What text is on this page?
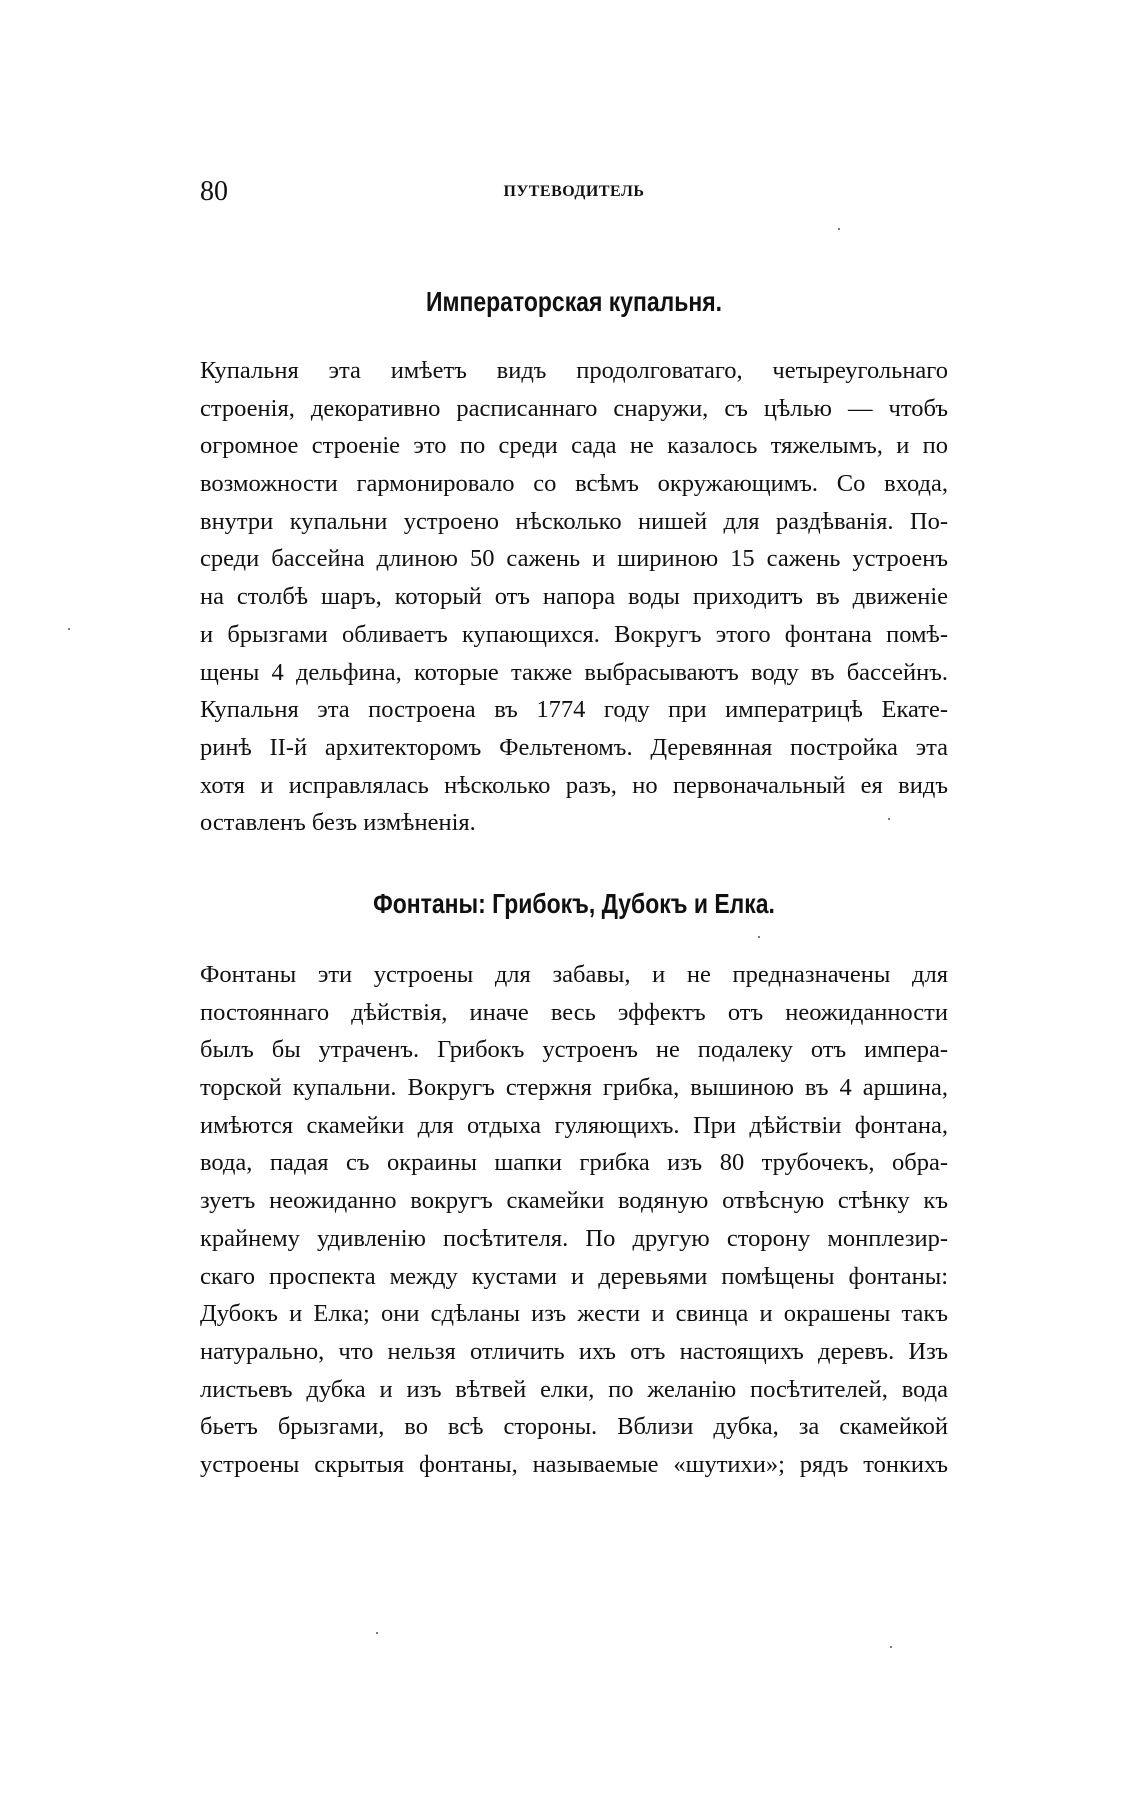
80	ПУТЕВОДИТЕЛЬ
Императорская купальня.
Купальня эта имѣетъ видъ продолговатаго, четыреугольнаго
строенія, декоративно расписаннаго снаружи, съ цѣлью — чтобъ
огромное строеніе это по среди сада не казалось тяжелымъ, и по
возможности гармонировало со всѣмъ окружающимъ. Со входа,
внутри купальни устроено нѣсколько нишей для раздѣванія. По-
среди бассейна длиною 50 сажень и шириною 15 сажень устроенъ
на столбѣ шаръ, который отъ напора воды приходитъ въ движеніе
и брызгами обливаетъ купающихся. Вокругъ этого фонтана помѣ-
щены 4 дельфина, которые также выбрасываютъ воду въ бассейнъ.
Купальня эта построена въ 1774 году при императрицѣ Екате-
ринѣ II-й архитекторомъ Фельтеномъ. Деревянная постройка эта
хотя и исправлялась нѣсколько разъ, но первоначальный ея видъ
оставленъ безъ измѣненія.
Фонтаны: Грибокъ, Дубокъ и Елка.
Фонтаны эти устроены для забавы, и не предназначены для
постояннаго дѣйствія, иначе весь эффектъ отъ неожиданности
былъ бы утраченъ. Грибокъ устроенъ не подалеку отъ импера-
торской купальни. Вокругъ стержня грибка, вышиною въ 4 аршина,
имѣются скамейки для отдыха гуляющихъ. При дѣйствіи фонтана,
вода, падая съ окраины шапки грибка изъ 80 трубочекъ, обра-
зуетъ неожиданно вокругъ скамейки водяную отвѣсную стѣнку къ
крайнему удивленію посѣтителя. По другую сторону монплезир-
скаго проспекта между кустами и деревьями помѣщены фонтаны:
Дубокъ и Елка; они сдѣланы изъ жести и свинца и окрашены такъ
натурально, что нельзя отличить ихъ отъ настоящихъ деревъ. Изъ
листьевъ дубка и изъ вѣтвей елки, по желанію посѣтителей, вода
бьетъ брызгами, во всѣ стороны. Вблизи дубка, за скамейкой
устроены скрытыя фонтаны, называемые «шутихи»; рядъ тонкихъ
